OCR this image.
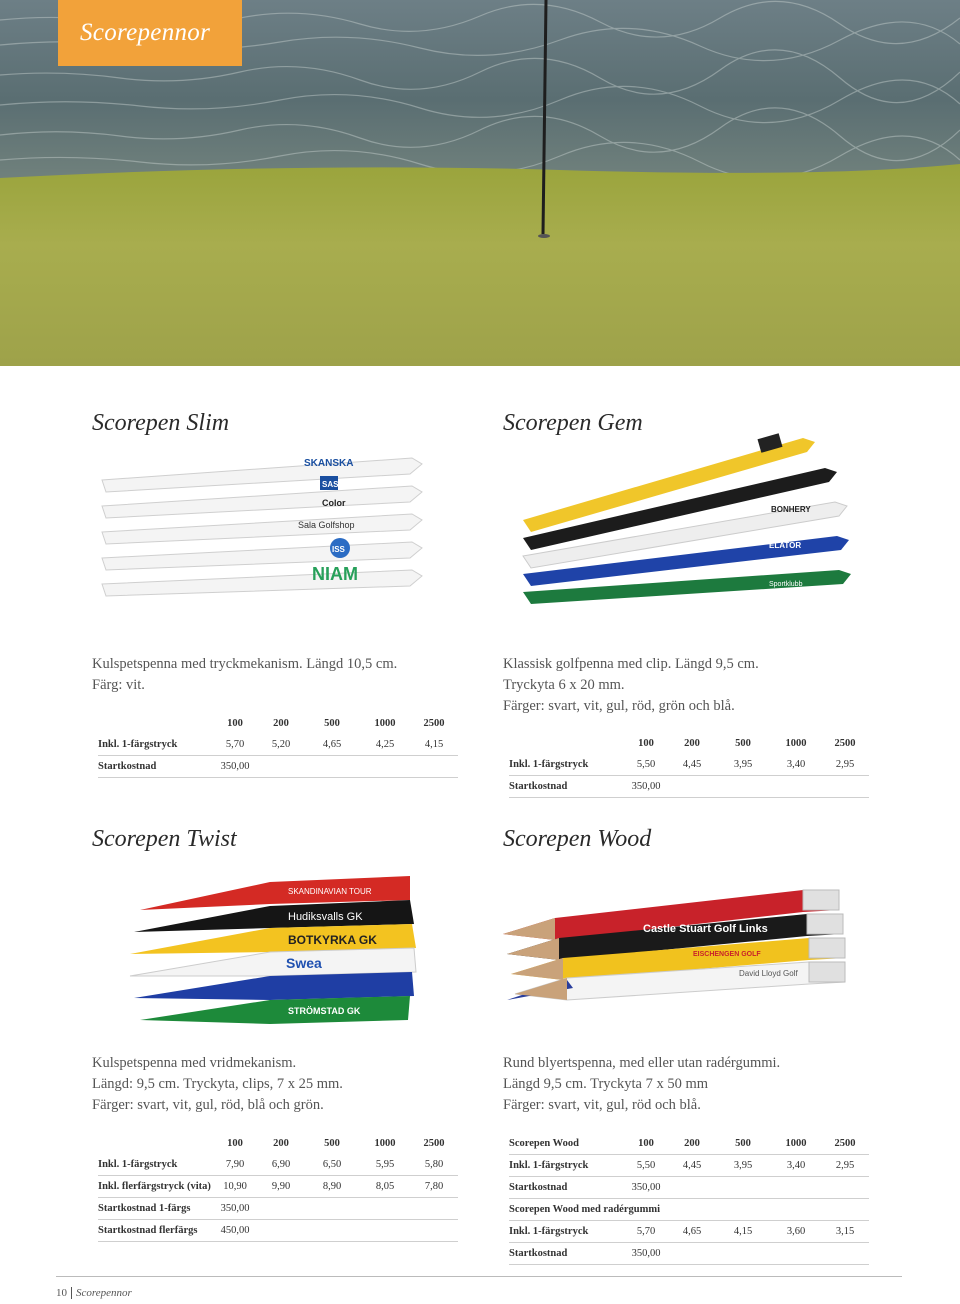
Scorepennor
Scorepen Slim
SKANSKA
SAS
Color
Sala Golfshop
ISS
NIAM
Kulspetspenna med tryckmekanism. Längd 10,5 cm.
Färg: vit.
	100	200	500	1000	2500
Inkl. 1-färgstryck	5,70	5,20	4,65	4,25	4,15
Startkostnad	350,00				
Scorepen Gem
BONHERY
ELATOR
Sportklubb
Klassisk golfpenna med clip. Längd 9,5 cm.
Tryckyta 6 x 20 mm.
Färger: svart, vit, gul, röd, grön och blå.
	100	200	500	1000	2500
Inkl. 1-färgstryck	5,50	4,45	3,95	3,40	2,95
Startkostnad	350,00				
Scorepen Twist
SKANDINAVIAN TOUR
Hudiksvalls GK
BOTKYRKA GK
Swea
STRÖMSTAD GK
Kulspetspenna med vridmekanism.
Längd: 9,5 cm. Tryckyta, clips, 7 x 25 mm.
Färger: svart, vit, gul, röd, blå och grön.
	100	200	500	1000	2500
Inkl. 1-färgstryck	7,90	6,90	6,50	5,95	5,80
Inkl. flerfärgstryck (vita)	10,90	9,90	8,90	8,05	7,80
Startkostnad 1-färgs	350,00				
Startkostnad flerfärgs	450,00				
Scorepen Wood
Castle Stuart Golf Links
EISCHENGEN GOLF
David Lloyd Golf
Rund blyertspenna, med eller utan radérgummi.
Längd 9,5 cm. Tryckyta 7 x 50 mm
Färger: svart, vit, gul, röd och blå.
Scorepen Wood	100	200	500	1000	2500
Inkl. 1-färgstryck	5,50	4,45	3,95	3,40	2,95
Startkostnad	350,00				
Scorepen Wood med radérgummi					
Inkl. 1-färgstryck	5,70	4,65	4,15	3,60	3,15
Startkostnad	350,00				
10 Scorepennor
